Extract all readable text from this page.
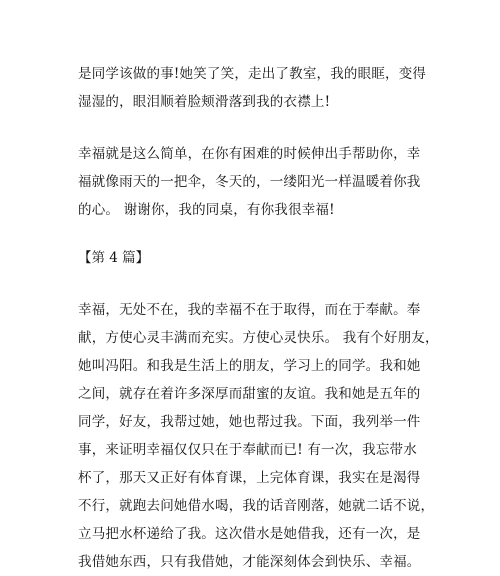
是同学该做的事!她笑了笑，走出了教室，我的眼眶，变得
湿湿的，眼泪顺着脸颊滑落到我的衣襟上!
幸福就是这么简单，在你有困难的时候伸出手帮助你，幸
福就像雨天的一把伞，冬天的，一缕阳光一样温暖着你我
的心。 谢谢你，我的同桌，有你我很幸福!
【第 4 篇】
幸福，无处不在，我的幸福不在于取得，而在于奉献。奉
献，方使心灵丰满而充实。方使心灵快乐。 我有个好朋友，
她叫冯阳。和我是生活上的朋友，学习上的同学。我和她
之间，就存在着许多深厚而甜蜜的友谊。我和她是五年的
同学，好友，我帮过她，她也帮过我。下面，我列举一件
事，来证明幸福仅仅只在于奉献而已! 有一次，我忘带水
杯了，那天又正好有体育课，上完体育课，我实在是渴得
不行，就跑去问她借水喝，我的话音刚落，她就二话不说，
立马把水杯递给了我。这次借水是她借我，还有一次，是
我借她东西，只有我借她，才能深刻体会到快乐、幸福。
